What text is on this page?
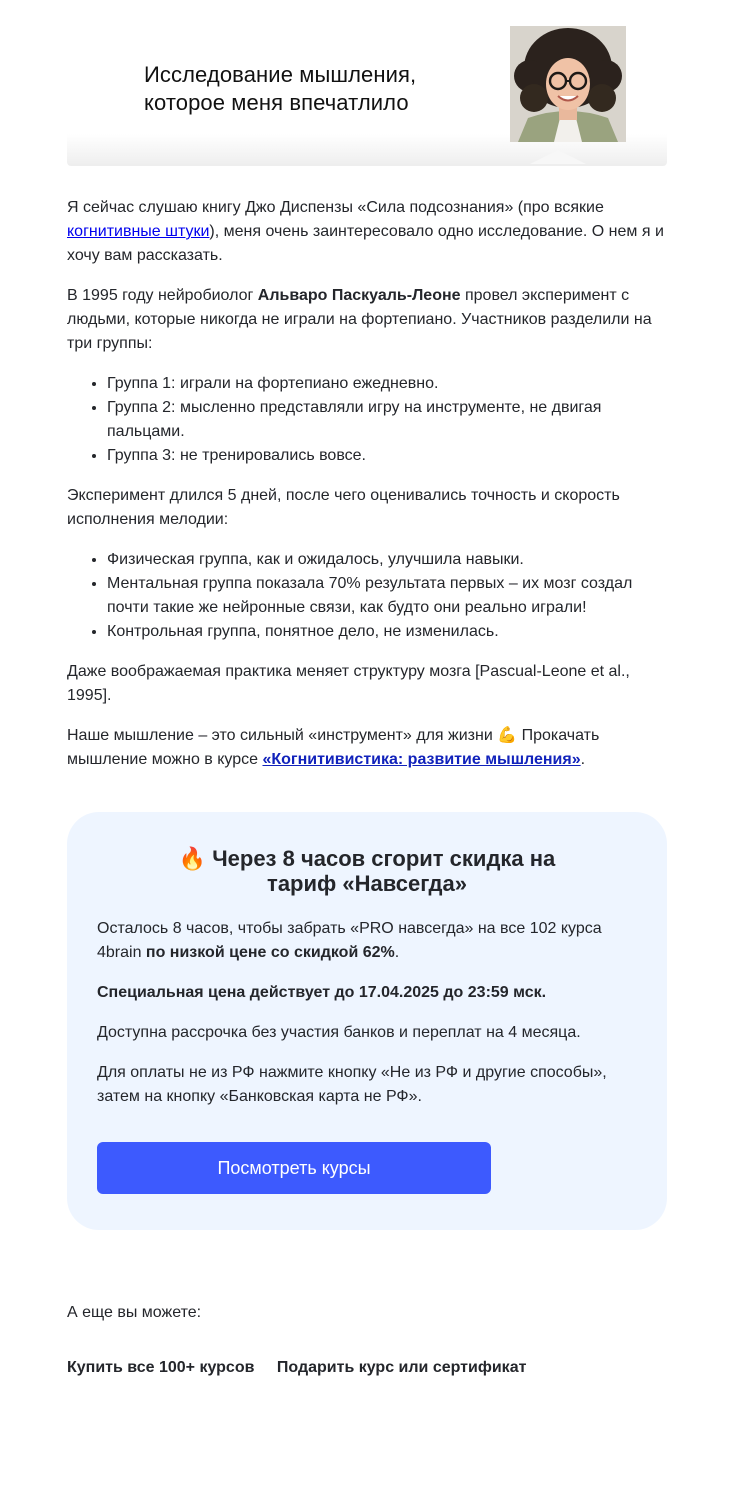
Исследование мышления,
которое меня впечатлило

Я сейчас слушаю книгу Джо Диспензы «Сила подсознания» (про всякие когнитивные штуки), меня очень заинтересовало одно исследование. О нем я и хочу вам рассказать.

В 1995 году нейробиолог Альваро Паскуаль-Леоне провел эксперимент с людьми, которые никогда не играли на фортепиано. Участников разделили на три группы:

• Группа 1: играли на фортепиано ежедневно.
• Группа 2: мысленно представляли игру на инструменте, не двигая пальцами.
• Группа 3: не тренировались вовсе.

Эксперимент длился 5 дней, после чего оценивались точность и скорость исполнения мелодии:

• Физическая группа, как и ожидалось, улучшила навыки.
• Ментальная группа показала 70% результата первых – их мозг создал почти такие же нейронные связи, как будто они реально играли!
• Контрольная группа, понятное дело, не изменилась.

Даже воображаемая практика меняет структуру мозга [Pascual-Leone et al., 1995].

Наше мышление – это сильный «инструмент» для жизни 💪 Прокачать мышление можно в курсе «Когнитивистика: развитие мышления».

🔥 Через 8 часов сгорит скидка на
тариф «Навсегда»

Осталось 8 часов, чтобы забрать «PRO навсегда» на все 102 курса 4brain по низкой цене со скидкой 62%.

Специальная цена действует до 17.04.2025 до 23:59 мск.

Доступна рассрочка без участия банков и переплат на 4 месяца.

Для оплаты не из РФ нажмите кнопку «Не из РФ и другие способы», затем на кнопку «Банковская карта не РФ».

Посмотреть курсы
А еще вы можете:
Купить все 100+ курсов Подарить курс или сертификат
